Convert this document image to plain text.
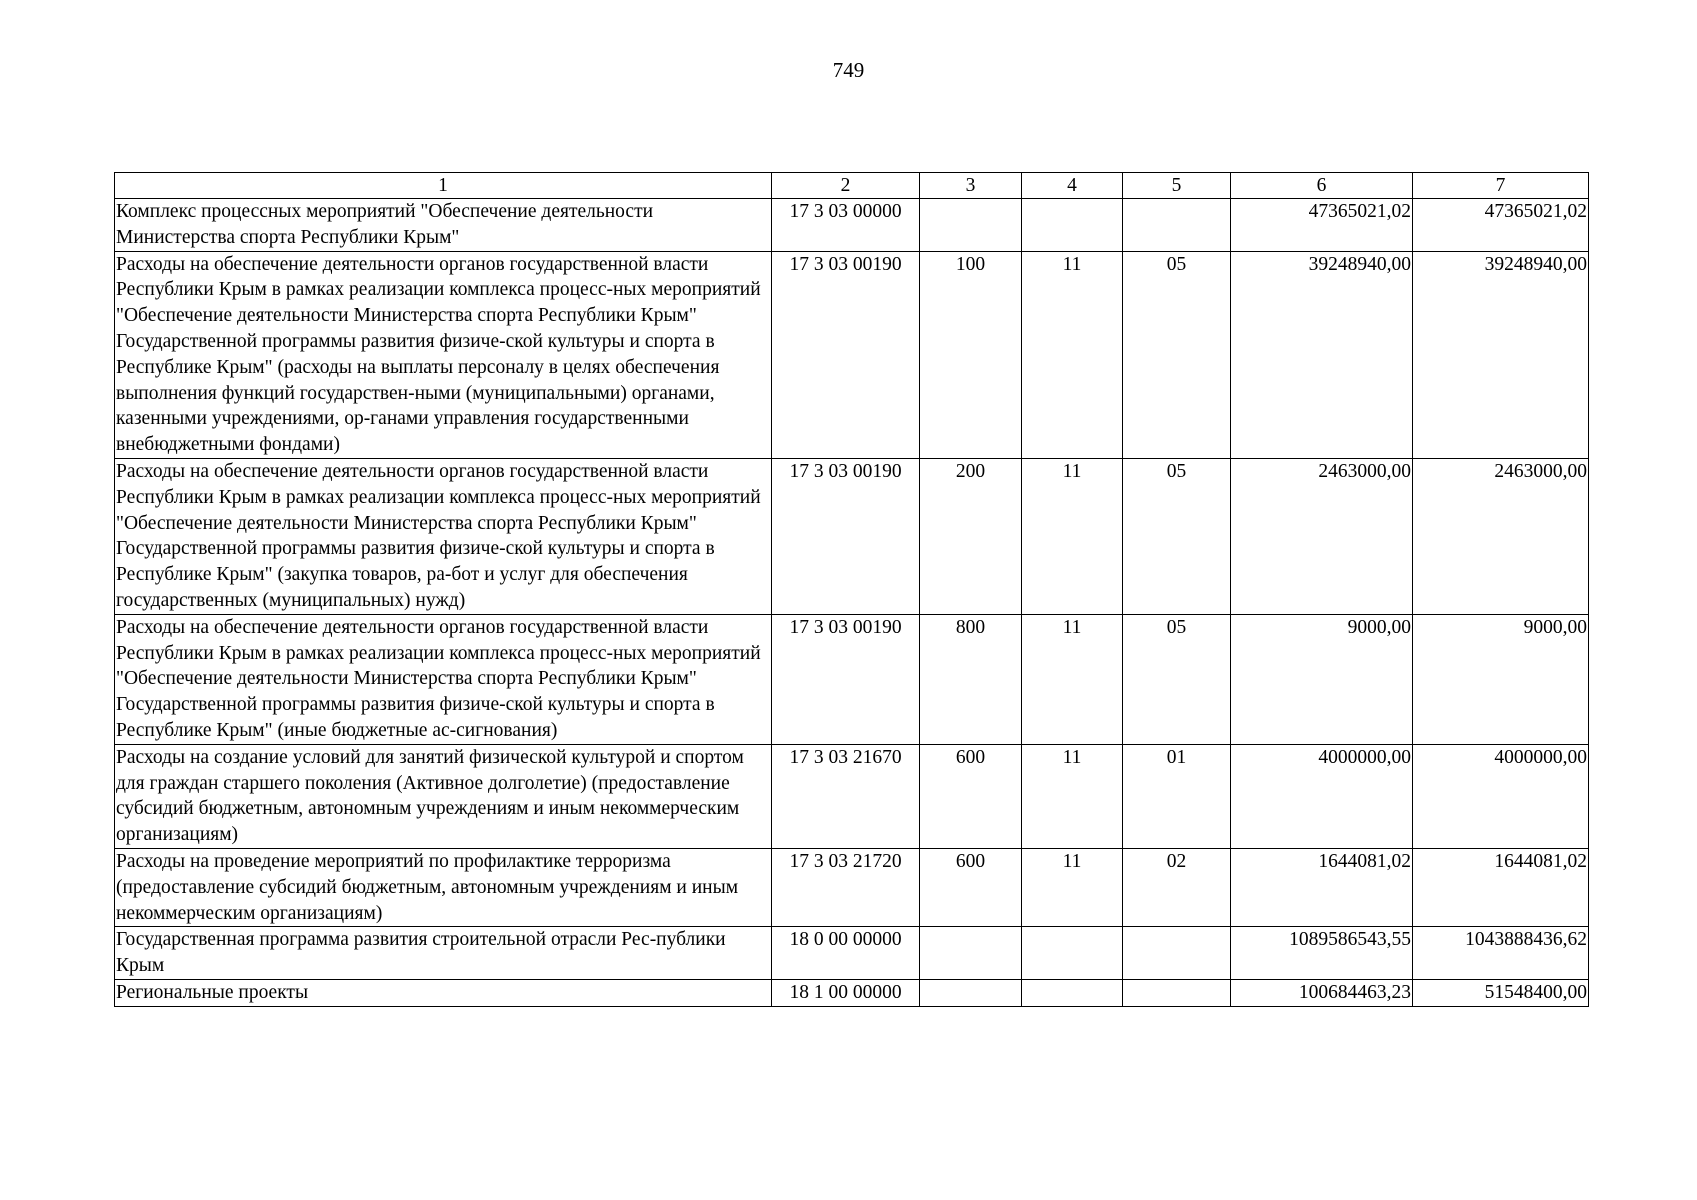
749
1	2	3	4	5	6	7
Комплекс процессных мероприятий "Обеспечение деятельности Министерства спорта Республики Крым"	17 3 03 00000				47365021,02	47365021,02
Расходы на обеспечение деятельности органов государственной власти Республики Крым в рамках реализации комплекса процесс-ных мероприятий "Обеспечение деятельности Министерства спорта Республики Крым" Государственной программы развития физиче-ской культуры и спорта в Республике Крым" (расходы на выплаты персоналу в целях обеспечения выполнения функций государствен-ными (муниципальными) органами, казенными учреждениями, ор-ганами управления государственными внебюджетными фондами)	17 3 03 00190	100	11	05	39248940,00	39248940,00
Расходы на обеспечение деятельности органов государственной власти Республики Крым в рамках реализации комплекса процесс-ных мероприятий "Обеспечение деятельности Министерства спорта Республики Крым" Государственной программы развития физиче-ской культуры и спорта в Республике Крым" (закупка товаров, ра-бот и услуг для обеспечения государственных (муниципальных) нужд)	17 3 03 00190	200	11	05	2463000,00	2463000,00
Расходы на обеспечение деятельности органов государственной власти Республики Крым в рамках реализации комплекса процесс-ных мероприятий "Обеспечение деятельности Министерства спорта Республики Крым" Государственной программы развития физиче-ской культуры и спорта в Республике Крым" (иные бюджетные ас-сигнования)	17 3 03 00190	800	11	05	9000,00	9000,00
Расходы на создание условий для занятий физической культурой и спортом для граждан старшего поколения (Активное долголетие) (предоставление субсидий бюджетным, автономным учреждениям и иным некоммерческим организациям)	17 3 03 21670	600	11	01	4000000,00	4000000,00
Расходы на проведение мероприятий по профилактике терроризма (предоставление субсидий бюджетным, автономным учреждениям и иным некоммерческим организациям)	17 3 03 21720	600	11	02	1644081,02	1644081,02
Государственная программа развития строительной отрасли Рес-публики Крым	18 0 00 00000				1089586543,55	1043888436,62
Региональные проекты	18 1 00 00000				100684463,23	51548400,00
